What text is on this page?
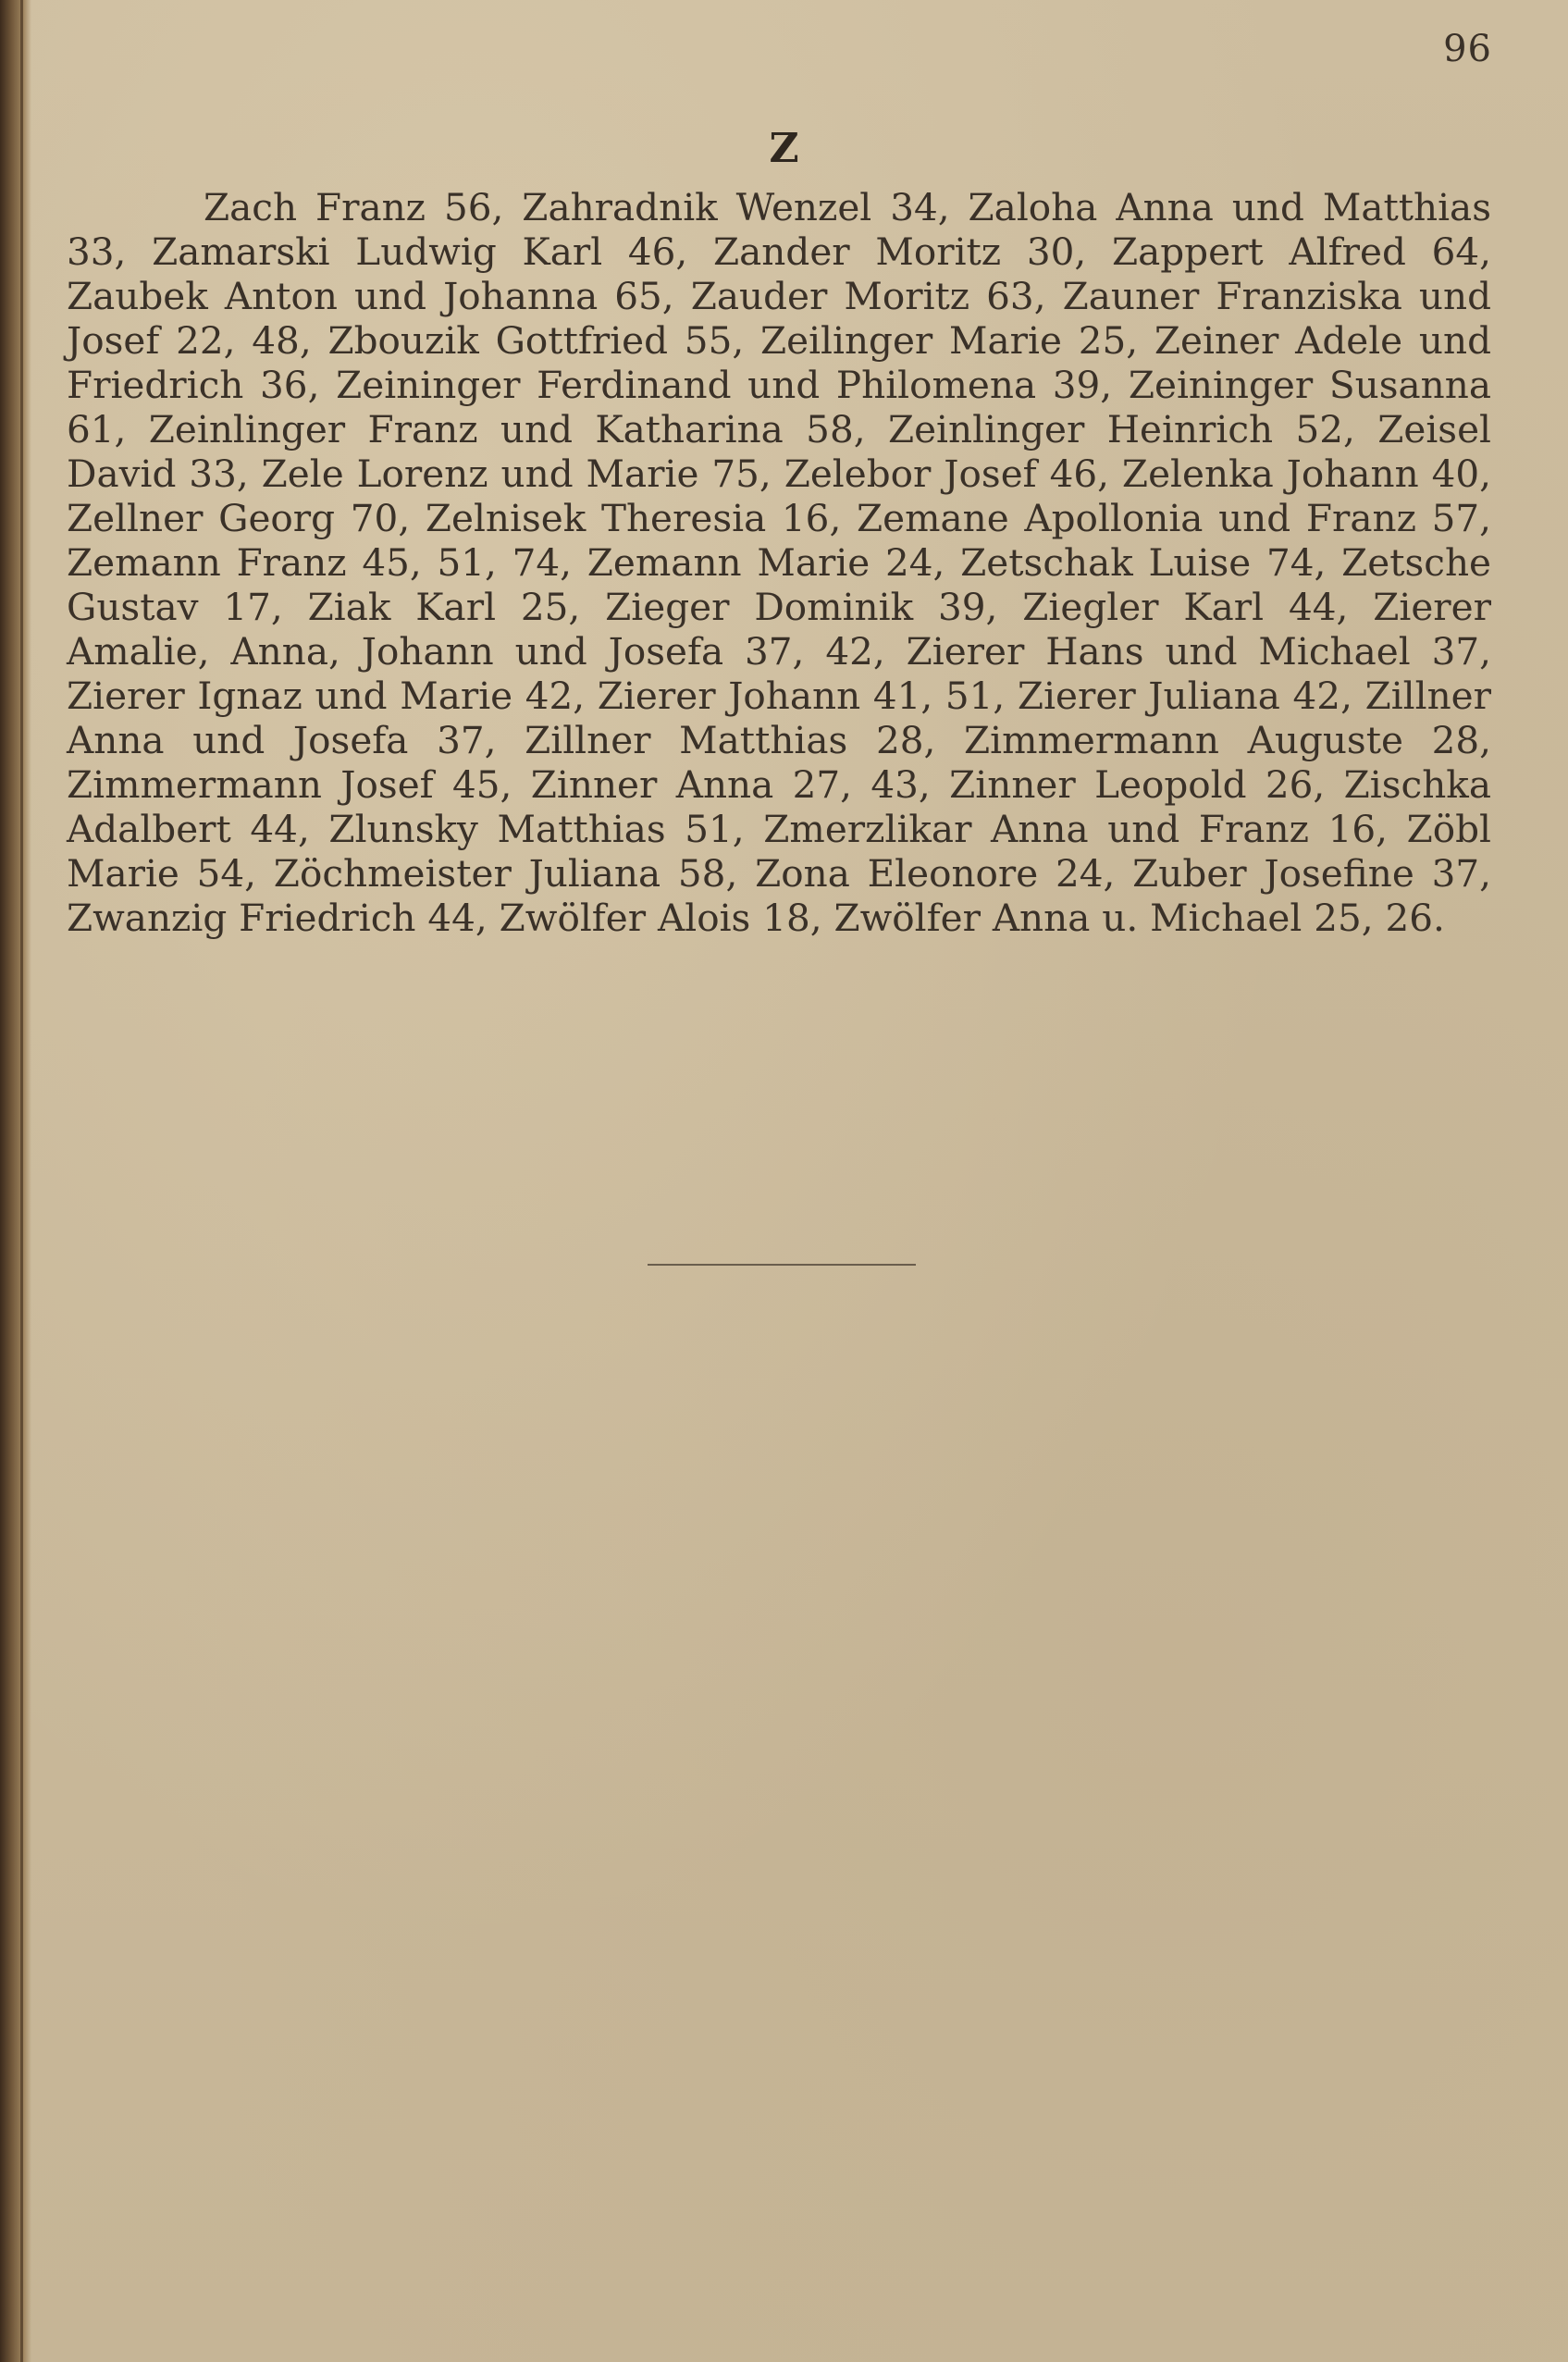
96
Z

Zach Franz 56, Zahradnik Wenzel 34, Zaloha Anna und Matthias 33, Zamarski Ludwig Karl 46, Zander Moritz 30, Zappert Alfred 64, Zaubek Anton und Johanna 65, Zauder Moritz 63, Zauner Franziska und Josef 22, 48, Zbouzik Gottfried 55, Zeilinger Marie 25, Zeiner Adele und Friedrich 36, Zeininger Ferdinand und Philomena 39, Zeininger Susanna 61, Zeinlinger Franz und Katharina 58, Zeinlinger Heinrich 52, Zeisel David 33, Zele Lorenz und Marie 75, Zelebor Josef 46, Zelenka Johann 40, Zellner Georg 70, Zelnisek Theresia 16, Zemane Apollonia und Franz 57, Zemann Franz 45, 51, 74, Zemann Marie 24, Zetschak Luise 74, Zetsche Gustav 17, Ziak Karl 25, Zieger Dominik 39, Ziegler Karl 44, Zierer Amalie, Anna, Johann und Josefa 37, 42, Zierer Hans und Michael 37, Zierer Ignaz und Marie 42, Zierer Johann 41, 51, Zierer Juliana 42, Zillner Anna und Josefa 37, Zillner Matthias 28, Zimmermann Auguste 28, Zimmermann Josef 45, Zinner Anna 27, 43, Zinner Leopold 26, Zischka Adalbert 44, Zlunsky Matthias 51, Zmerzlikar Anna und Franz 16, Zöbl Marie 54, Zöchmeister Juliana 58, Zona Eleonore 24, Zuber Josefine 37, Zwanzig Friedrich 44, Zwölfer Alois 18, Zwölfer Anna u. Michael 25, 26.
